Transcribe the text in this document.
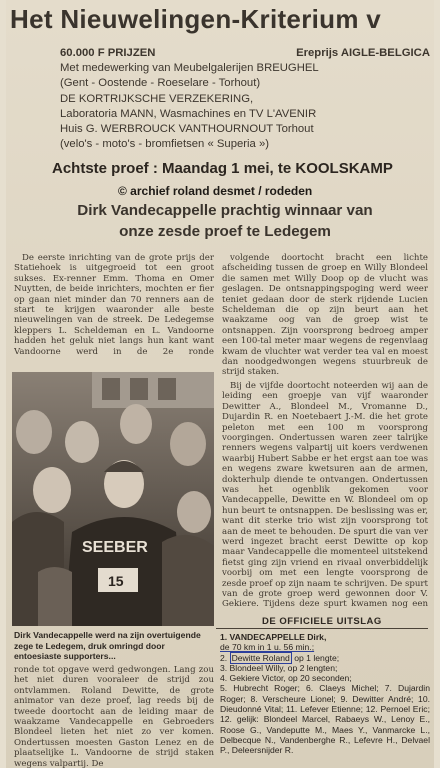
Het Nieuwelingen-Kriterium v
60.000 F PRIJZEN	Ereprijs AIGLE-BELGICA
Met medewerking van Meubelgalerijen BREUGHEL
(Gent - Oostende - Roeselare - Torhout)
DE KORTRIJKSCHE VERZEKERING,
Laboratoria MANN, Wasmachines en TV L'AVENIR
Huis G. WERBROUCK VANTHOURNOUT Torhout
(velo's - moto's - bromfietsen « Superia »)
Achtste proef : Maandag 1 mei, te KOOLSKAMP
© archief roland desmet / rodeden
Dirk Vandecappelle prachtig winnaar van
onze zesde proef te Ledegem
De eerste inrichting van de grote prijs der Statiehoek is uitgegroeid tot een groot sukses. Ex-renner Emm. Thoma en Omer Nuytten, de beide inrichters, mochten er fier op gaan niet minder dan 70 renners aan de start te krijgen waaronder alle beste nieuwelingen van de streek. De Ledegemse kleppers L. Scheldeman en L. Vandoorne hadden het geluk niet langs hun kant want Vandoorne werd in de 2e ronde

volgende doortocht bracht een lichte afscheiding tussen de groep en Willy Blondeel die samen met Willy Doop op de vlucht was geslagen. De ontsnappingspoging werd weer teniet gedaan door de sterk rijdende Lucien Scheldeman die op zijn beurt aan het waakzame oog van de groep wist te ontsnappen. Zijn voorsprong bedroeg amper een 100-tal meter maar wegens de regenvlaag kwam de vluchter wat verder tea val en moest dan noodgedwongen wegens stuurbreuk de strijd staken.

Bij de vijfde doortocht noteerden wij aan de leiding een groepje van vijf waaronder Dewitter A., Blondeel M., Vromanne D., Dujardin R. en Noetebaert J.-M. die het grote peleton met een 100 m voorsprong voorgingen. Ondertussen waren zeer talrijke renners wegens valpartij uit koers verdwenen waarbij Hubert Sabbe er het ergst aan toe was en wegens zware kwetsuren aan de armen, dokterhulp diende te ontvangen. Ondertussen was het ogenblik gekomen voor Vandecappelle, Dewitte en W. Blondeel om op hun beurt te ontsnappen. De beslissing was er, want dit sterke trio wist zijn voorsprong tot aan de meet te behouden. De spurt die van ver werd ingezet bracht eerst Dewitte op kop maar Vandecappelle die momenteel uitstekend fietst ging zijn vriend en rivaal onverbiddelijk voorbij om met een lengte voorsprong de zesde proef op zijn naam te schrijven. De spurt van de grote groep werd gewonnen door V. Gekiere. Tijdens deze spurt kwamen nog een

SEEBER
15
Dirk Vandecappelle werd na zijn overtuigende zege te Ledegem, druk omringd door entoesiaste supporters...
ronde tot opgave werd gedwongen. Lang zou het niet duren vooraleer de strijd zou ontvlammen. Roland Dewitte, de grote animator van deze proef, lag reeds bij de tweede doortocht aan de leiding maar de waakzame Vandecappelle en Gebroeders Blondeel lieten het niet zo ver komen. Ondertussen moesten Gaston Lenez en de plaatselijke L. Vandoorne de strijd staken wegens valpartij. De
DE OFFICIELE UITSLAG
1. VANDECAPPELLE Dirk,
de 70 km in 1 u. 56 min.;
2. Dewitte Roland op 1 lengte;
3. Blondeel Willy, op 2 lengten;
4. Gekiere Victor, op 20 seconden;
5. Hubrecht Roger; 6. Claeys Michel; 7. Dujardin Roger; 8. Verscheure Lionel; 9. Dewitter André; 10. Dieudonné Vital; 11. Lefever Etienne; 12. Pernoel Eric; 12. gelijk: Blondeel Marcel, Rabaeys W., Lenoy E., Roose G., Vandeputte M., Maes Y., Vanmarcke L., Delbecque N., Vandenberghe R., Lefevre H., Delvael P., Deleersnijder R.
